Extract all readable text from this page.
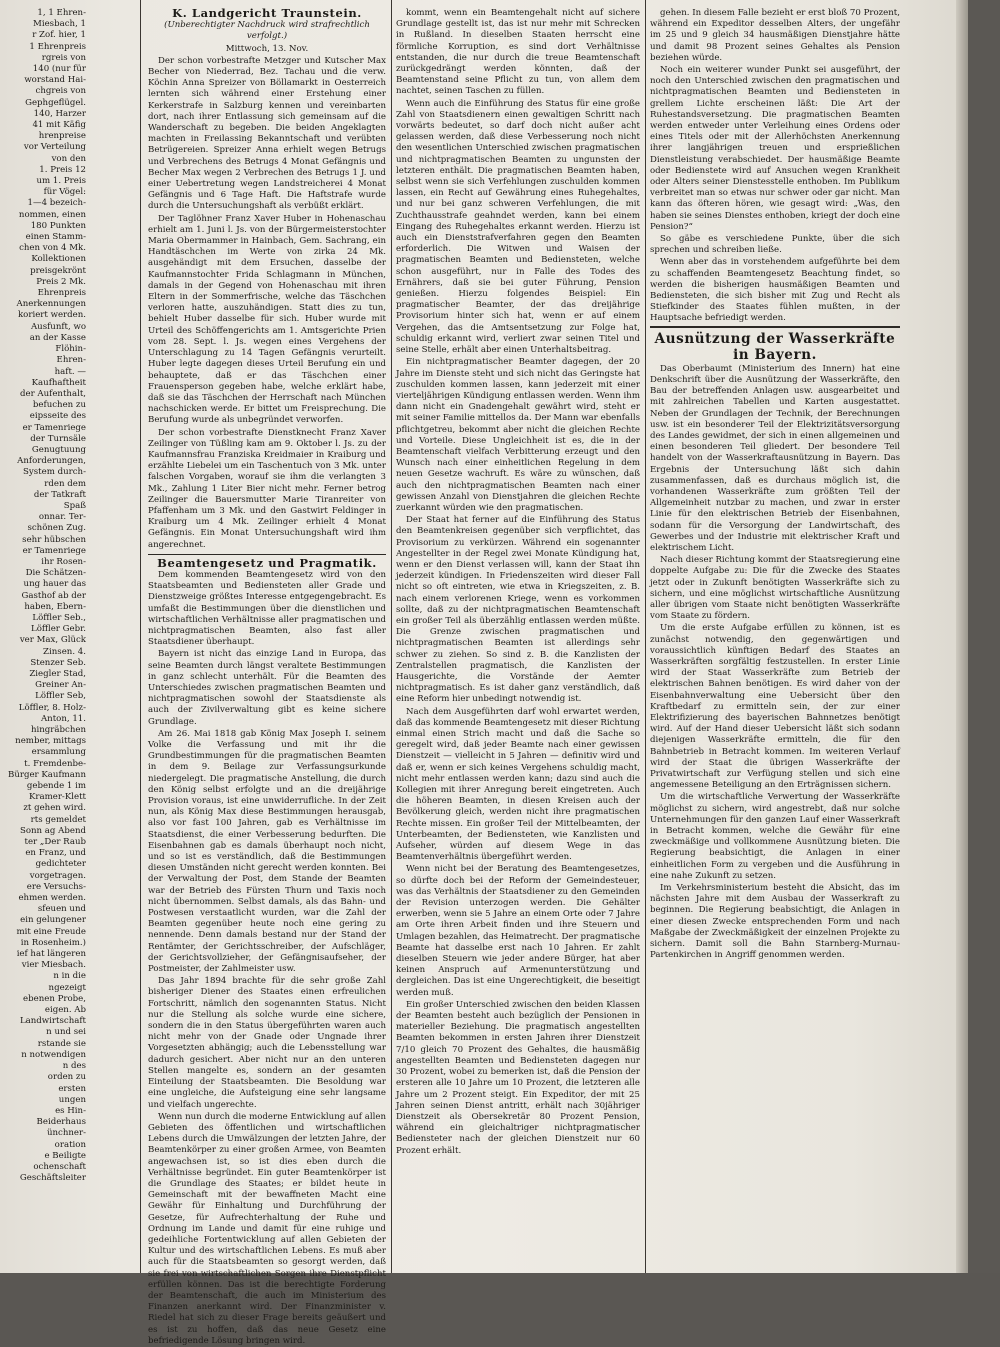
1, 1 Ehren-
Miesbach, 1
r Zof. hier, 1
1 Ehrenpreis
rgreis von
140 (nur für
worstand Hai-
chgreis von
Gephgeflügel.
140, Harzer
41 mit Käfig
hrenpreise
vor Verteilung
von den
1. Preis 12
um 1. Preis
für Vögel:
1—4 bezeich-
nommen, einen
180 Punkten
einen Stamm-
chen von 4 Mk.
Kollektionen
preisgekrönt
Preis 2 Mk.
Ehrenpreis
Anerkennungen
koriert werden.
Ausfunft, wo
an der Kasse
Flöhin-
Ehren-
haft. —
Kaufhaftheit
der Aufenthalt,
befuchen zu
eipsseite des
er Tamenriege
der Turnsäle
Genugtuung
Anforderungen,
System durch-
rden dem
der Tatkraft
Spaß
onnar. Ter-
schönen Zug.
sehr hübschen
er Tamenriege
ihr Rosen-
Die Schätzen-
ung hauer das
Gasthof ab der
haben, Ebern-
Löffler Seb.,
Löffler Gebr.
ver Max, Glück
Zinsen. 4.
Stenzer Seb.
Ziegler Stad,
Greiner An-
Löffler Seb,
Löffler, 8. Holz-
Anton, 11.
hingräbchen
nember, mittags
ersammlung
t. Fremdenbe-
Bürger Kaufmann
gebende 1 im
Kramer-Klett
zt gehen wird.
rts gemeldet
Sonn ag Abend
ter „Der Raub
en Franz, und
gedichteter
vorgetragen.
ere Versuchs-
ehmen werden.
sfeuen und
ein gelungener
mit eine Freude
in Rosenheim.)
ief hat längeren
vier Miesbach.
n in die
ngezeigt
ebenen Probe,
eigen. Ab
Landwirtschaft
n und sei
rstande sie
n notwendigen
n des
orden zu
ersten
ungen
es Hin-
Beiderhaus
ünchner-
oration
e Beiligte
ochenschaft
Geschäftsleiter

K. Landgericht Traunstein.

(Unberechtigter Nachdruck wird strafrechtlich verfolgt.)

Mittwoch, 13. Nov.

Der schon vorbestrafte Metzger und Kutscher Max Becher von Niederrad, Bez. Tachau und die verw. Köchin Anna Spreizer von Böllamarkt in Oesterreich lernten sich während einer Erstehung einer Kerkerstrafe in Salzburg kennen und vereinbarten dort, nach ihrer Entlassung sich gemeinsam auf die Wanderschaft zu begeben. Die beiden Angeklagten machten in Freilassing Bekanntschaft und verübten Betrügereien. Spreizer Anna erhielt wegen Betrugs und Verbrechens des Betrugs 4 Monat Gefängnis und Becher Max wegen 2 Verbrechen des Betrugs 1 J. und einer Uebertretung wegen Landstreicherei 4 Monat Gefängnis und 6 Tage Haft. Die Haftstrafe wurde durch die Untersuchungshaft als verbüßt erklärt.

Der Taglöhner Franz Xaver Huber in Hohenaschau erhielt am 1. Juni l. Js. von der Bürgermeisterstochter Maria Obermammer in Hainbach, Gem. Sachrang, ein Handtäschchen im Werte von zirka 24 Mk. ausgehändigt mit dem Ersuchen, dasselbe der Kaufmannstochter Frida Schlagmann in München, damals in der Gegend von Hohenaschau mit ihren Eltern in der Sommerfrische, welche das Täschchen verloren hatte, auszuhändigen. Statt dies zu tun, behielt Huber dasselbe für sich. Huber wurde mit Urteil des Schöffengerichts am 1. Amtsgerichte Prien vom 28. Sept. l. Js. wegen eines Vergehens der Unterschlagung zu 14 Tagen Gefängnis verurteilt. Huber legte dagegen dieses Urteil Berufung ein und behauptete, daß er das Täschchen einer Frauensperson gegeben habe, welche erklärt habe, daß sie das Täschchen der Herrschaft nach München nachschicken werde. Er bittet um Freisprechung. Die Berufung wurde als unbegründet verworfen.

Der schon vorbestrafte Dienstknecht Franz Xaver Zeilinger von Tüßling kam am 9. Oktober l. Js. zu der Kaufmannsfrau Franziska Kreidmaier in Kraiburg und erzählte Liebelei um ein Taschentuch von 3 Mk. unter falschen Vorgaben, worauf sie ihm die verlangten 3 Mk., Zahlung 1 Liter Bier nicht mehr. Ferner betrog Zeilinger die Bauersmutter Marie Tiranreiter von Pfaffenham um 3 Mk. und den Gastwirt Feldinger in Kraiburg um 4 Mk. Zeilinger erhielt 4 Monat Gefängnis. Ein Monat Untersuchungshaft wird ihm angerechnet.

Beamtengesetz und Pragmatik.

Dem kommenden Beamtengesetz wird von den Staatsbeamten und Bediensteten aller Grade und Dienstzweige größtes Interesse entgegengebracht. Es umfaßt die Bestimmungen über die dienstlichen und wirtschaftlichen Verhältnisse aller pragmatischen und nichtpragmatischen Beamten, also fast aller Staatsdiener überhaupt.

Bayern ist nicht das einzige Land in Europa, das seine Beamten durch längst veraltete Bestimmungen in ganz schlecht unterhält. Für die Beamten des Unterschiedes zwischen pragmatischen Beamten und nichtpragmatischen sowohl der Staatsdienste als auch der Zivilverwaltung gibt es keine sichere Grundlage.

Am 26. Mai 1818 gab König Max Joseph I. seinem Volke die Verfassung und mit ihr die Grundbestimmungen für die pragmatischen Beamten in dem 9. Beilage zur Verfassungsurkunde niedergelegt. Die pragmatische Anstellung, die durch den König selbst erfolgte und an die dreijährige Provision voraus, ist eine unwiderrufliche. In der Zeit nun, als König Max diese Bestimmungen herausgab, also vor fast 100 Jahren, gab es Verhältnisse im Staatsdienst, die einer Verbesserung bedurften. Die Eisenbahnen gab es damals überhaupt noch nicht, und so ist es verständlich, daß die Bestimmungen diesen Umständen nicht gerecht werden konnten. Bei der Verwaltung der Post, dem Stande der Beamten war der Betrieb des Fürsten Thurn und Taxis noch nicht übernommen. Selbst damals, als das Bahn- und Postwesen verstaatlicht wurden, war die Zahl der Beamten gegenüber heute noch eine gering zu nennende. Denn damals bestand nur der Stand der Rentämter, der Gerichtsschreiber, der Aufschläger, der Gerichtsvollzieher, der Gefängnisaufseher, der Postmeister, der Zahlmeister usw.

Das Jahr 1894 brachte für die sehr große Zahl bisheriger Diener des Staates einen erfreulichen Fortschritt, nämlich den sogenannten Status. Nicht nur die Stellung als solche wurde eine sichere, sondern die in den Status übergeführten waren auch nicht mehr von der Gnade oder Ungnade ihrer Vorgesetzten abhängig; auch die Lebensstellung war dadurch gesichert. Aber nicht nur an den unteren Stellen mangelte es, sondern an der gesamten Einteilung der Staatsbeamten. Die Besoldung war eine ungleiche, die Aufsteigung eine sehr langsame und vielfach ungerechte.

Wenn nun durch die moderne Entwicklung auf allen Gebieten des öffentlichen und wirtschaftlichen Lebens durch die Umwälzungen der letzten Jahre, der Beamtenkörper zu einer großen Armee, von Beamten angewachsen ist, so ist dies eben durch die Verhältnisse begründet. Ein guter Beamtenkörper ist die Grundlage des Staates; er bildet heute in Gemeinschaft mit der bewaffneten Macht eine Gewähr für Einhaltung und Durchführung der Gesetze, für Aufrechterhaltung der Ruhe und Ordnung im Lande und damit für eine ruhige und gedeihliche Fortentwicklung auf allen Gebieten der Kultur und des wirtschaftlichen Lebens. Es muß aber auch für die Staatsbeamten so gesorgt werden, daß sie frei von wirtschaftlichen Sorgen ihre Dienstpflicht erfüllen können. Das ist die berechtigte Forderung der Beamtenschaft, die auch im Ministerium des Finanzen anerkannt wird. Der Finanzminister v. Riedel hat sich zu dieser Frage bereits geäußert und es ist zu hoffen, daß das neue Gesetz eine befriedigende Lösung bringen wird.

kommt, wenn ein Beamtengehalt nicht auf sichere Grundlage gestellt ist, das ist nur mehr mit Schrecken in Rußland. In dieselben Staaten herrscht eine förmliche Korruption, es sind dort Verhältnisse entstanden, die nur durch die treue Beamtenschaft zurückgedrängt werden könnten, daß der Beamtenstand seine Pflicht zu tun, von allem dem nachtet, seinen Taschen zu füllen.

Wenn auch die Einführung des Status für eine große Zahl von Staatsdienern einen gewaltigen Schritt nach vorwärts bedeutet, so darf doch nicht außer acht gelassen werden, daß diese Verbesserung noch nicht den wesentlichen Unterschied zwischen pragmatischen und nichtpragmatischen Beamten zu ungunsten der letzteren enthält. Die pragmatischen Beamten haben, selbst wenn sie sich Verfehlungen zuschulden kommen lassen, ein Recht auf Gewährung eines Ruhegehaltes, und nur bei ganz schweren Verfehlungen, die mit Zuchthausstrafe geahndet werden, kann bei einem Eingang des Ruhegehaltes erkannt werden. Hierzu ist auch ein Dienststrafverfahren gegen den Beamten erforderlich. Die Witwen und Waisen der pragmatischen Beamten und Bediensteten, welche schon ausgeführt, nur in Falle des Todes des Ernährers, daß sie bei guter Führung, Pension genießen. Hierzu folgendes Beispiel: Ein pragmatischer Beamter, der das dreijährige Provisorium hinter sich hat, wenn er auf einem Vergehen, das die Amtsentsetzung zur Folge hat, schuldig erkannt wird, verliert zwar seinen Titel und seine Stelle, erhält aber einen Unterhaltsbeitrag.

Ein nichtpragmatischer Beamter dagegen, der 20 Jahre im Dienste steht und sich nicht das Geringste hat zuschulden kommen lassen, kann jederzeit mit einer vierteljährigen Kündigung entlassen werden. Wenn ihm dann nicht ein Gnadengehalt gewährt wird, steht er mit seiner Familie mittellos da. Der Mann war ebenfalls pflichtgetreu, bekommt aber nicht die gleichen Rechte und Vorteile. Diese Ungleichheit ist es, die in der Beamtenschaft vielfach Verbitterung erzeugt und den Wunsch nach einer einheitlichen Regelung in dem neuen Gesetze wachruft. Es wäre zu wünschen, daß auch den nichtpragmatischen Beamten nach einer gewissen Anzahl von Dienstjahren die gleichen Rechte zuerkannt würden wie den pragmatischen.

Der Staat hat ferner auf die Einführung des Status den Beamtenkreisen gegenüber sich verpflichtet, das Provisorium zu verkürzen. Während ein sogenannter Angestellter in der Regel zwei Monate Kündigung hat, wenn er den Dienst verlassen will, kann der Staat ihn jederzeit kündigen. In Friedenszeiten wird dieser Fall nicht so oft eintreten, wie etwa in Kriegszeiten, z. B. nach einem verlorenen Kriege, wenn es vorkommen sollte, daß zu der nichtpragmatischen Beamtenschaft ein großer Teil als überzählig entlassen werden müßte. Die Grenze zwischen pragmatischen und nichtpragmatischen Beamten ist allerdings sehr schwer zu ziehen. So sind z. B. die Kanzlisten der Zentralstellen pragmatisch, die Kanzlisten der Hausgerichte, die Vorstände der Aemter nichtpragmatisch. Es ist daher ganz verständlich, daß eine Reform hier unbedingt notwendig ist.

Nach dem Ausgeführten darf wohl erwartet werden, daß das kommende Beamtengesetz mit dieser Richtung einmal einen Strich macht und daß die Sache so geregelt wird, daß jeder Beamte nach einer gewissen Dienstzeit — vielleicht in 5 Jahren — definitiv wird und daß er, wenn er sich keines Vergehens schuldig macht, nicht mehr entlassen werden kann; dazu sind auch die Kollegien mit ihrer Anregung bereit eingetreten. Auch die höheren Beamten, in diesen Kreisen auch der Bevölkerung gleich, werden nicht ihre pragmatischen Rechte missen. Ein großer Teil der Mittelbeamten, der Unterbeamten, der Bediensteten, wie Kanzlisten und Aufseher, würden auf diesem Wege in das Beamtenverhältnis übergeführt werden.

Wenn nicht bei der Beratung des Beamtengesetzes, so dürfte doch bei der Reform der Gemeindesteuer, was das Verhältnis der Staatsdiener zu den Gemeinden der Revision unterzogen werden. Die Gehälter erwerben, wenn sie 5 Jahre an einem Orte oder 7 Jahre am Orte ihren Arbeit finden und ihre Steuern und Umlagen bezahlen, das Heimatrecht. Der pragmatische Beamte hat dasselbe erst nach 10 Jahren. Er zahlt dieselben Steuern wie jeder andere Bürger, hat aber keinen Anspruch auf Armenunterstützung und dergleichen. Das ist eine Ungerechtigkeit, die beseitigt werden muß.

Ein großer Unterschied zwischen den beiden Klassen der Beamten besteht auch bezüglich der Pensionen in materieller Beziehung. Die pragmatisch angestellten Beamten bekommen in ersten Jahren ihrer Dienstzeit 7/10 gleich 70 Prozent des Gehaltes, die hausmäßig angestellten Beamten und Bediensteten dagegen nur 30 Prozent, wobei zu bemerken ist, daß die Pension der ersteren alle 10 Jahre um 10 Prozent, die letzteren alle Jahre um 2 Prozent steigt. Ein Expeditor, der mit 25 Jahren seinen Dienst antritt, erhält nach 30jähriger Dienstzeit als Obersekretär 80 Prozent Pension, während ein gleichaltriger nichtpragmatischer Bediensteter nach der gleichen Dienstzeit nur 60 Prozent erhält.

gehen. In diesem Falle bezieht er erst bloß 70 Prozent, während ein Expeditor desselben Alters, der ungefähr im 25 und 9 gleich 34 hausmäßigen Dienstjahre hätte und damit 98 Prozent seines Gehaltes als Pension beziehen würde.

Noch ein weiterer wunder Punkt sei ausgeführt, der noch den Unterschied zwischen den pragmatischen und nichtpragmatischen Beamten und Bediensteten in grellem Lichte erscheinen läßt: Die Art der Ruhestandsversetzung. Die pragmatischen Beamten werden entweder unter Verleihung eines Ordens oder eines Titels oder mit der Allerhöchsten Anerkennung ihrer langjährigen treuen und ersprießlichen Dienstleistung verabschiedet. Der hausmäßige Beamte oder Bedienstete wird auf Ansuchen wegen Krankheit oder Alters seiner Dienstesstelle enthoben. Im Publikum verbreitet man so etwas nur schwer oder gar nicht. Man kann das öfteren hören, wie gesagt wird: „Was, den haben sie seines Dienstes enthoben, kriegt der doch eine Pension?“

So gäbe es verschiedene Punkte, über die sich sprechen und schreiben ließe.

Wenn aber das in vorstehendem aufgeführte bei dem zu schaffenden Beamtengesetz Beachtung findet, so werden die bisherigen hausmäßigen Beamten und Bediensteten, die sich bisher mit Zug und Recht als Stiefkinder des Staates fühlen mußten, in der Hauptsache befriedigt werden.

Ausnützung der Wasserkräfte in Bayern.

Das Oberbaumt (Ministerium des Innern) hat eine Denkschrift über die Ausnützung der Wasserkräfte, den Bau der betreffenden Anlagen usw. ausgearbeitet und mit zahlreichen Tabellen und Karten ausgestattet. Neben der Grundlagen der Technik, der Berechnungen usw. ist ein besonderer Teil der Elektrizitätsversorgung des Landes gewidmet, der sich in einen allgemeinen und einen besonderen Teil gliedert. Der besondere Teil handelt von der Wasserkraftausnützung in Bayern. Das Ergebnis der Untersuchung läßt sich dahin zusammenfassen, daß es durchaus möglich ist, die vorhandenen Wasserkräfte zum größten Teil der Allgemeinheit nutzbar zu machen, und zwar in erster Linie für den elektrischen Betrieb der Eisenbahnen, sodann für die Versorgung der Landwirtschaft, des Gewerbes und der Industrie mit elektrischer Kraft und elektrischem Licht.

Nach dieser Richtung kommt der Staatsregierung eine doppelte Aufgabe zu: Die für die Zwecke des Staates jetzt oder in Zukunft benötigten Wasserkräfte sich zu sichern, und eine möglichst wirtschaftliche Ausnützung aller übrigen vom Staate nicht benötigten Wasserkräfte vom Staate zu fördern.

Um die erste Aufgabe erfüllen zu können, ist es zunächst notwendig, den gegenwärtigen und voraussichtlich künftigen Bedarf des Staates an Wasserkräften sorgfältig festzustellen. In erster Linie wird der Staat Wasserkräfte zum Betrieb der elektrischen Bahnen benötigen. Es wird daher von der Eisenbahnverwaltung eine Uebersicht über den Kraftbedarf zu ermitteln sein, der zur einer Elektrifizierung des bayerischen Bahnnetzes benötigt wird. Auf der Hand dieser Uebersicht läßt sich sodann diejenigen Wasserkräfte ermitteln, die für den Bahnbetrieb in Betracht kommen. Im weiteren Verlauf wird der Staat die übrigen Wasserkräfte der Privatwirtschaft zur Verfügung stellen und sich eine angemessene Beteiligung an den Erträgnissen sichern.

Um die wirtschaftliche Verwertung der Wasserkräfte möglichst zu sichern, wird angestrebt, daß nur solche Unternehmungen für den ganzen Lauf einer Wasserkraft in Betracht kommen, welche die Gewähr für eine zweckmäßige und vollkommene Ausnützung bieten. Die Regierung beabsichtigt, die Anlagen in einer einheitlichen Form zu vergeben und die Ausführung in eine nahe Zukunft zu setzen.

Im Verkehrsministerium besteht die Absicht, das im nächsten Jahre mit dem Ausbau der Wasserkraft zu beginnen. Die Regierung beabsichtigt, die Anlagen in einer diesen Zwecke entsprechenden Form und nach Maßgabe der Zweckmäßigkeit der einzelnen Projekte zu sichern. Damit soll die Bahn Starnberg-Murnau-Partenkirchen in Angriff genommen werden.
